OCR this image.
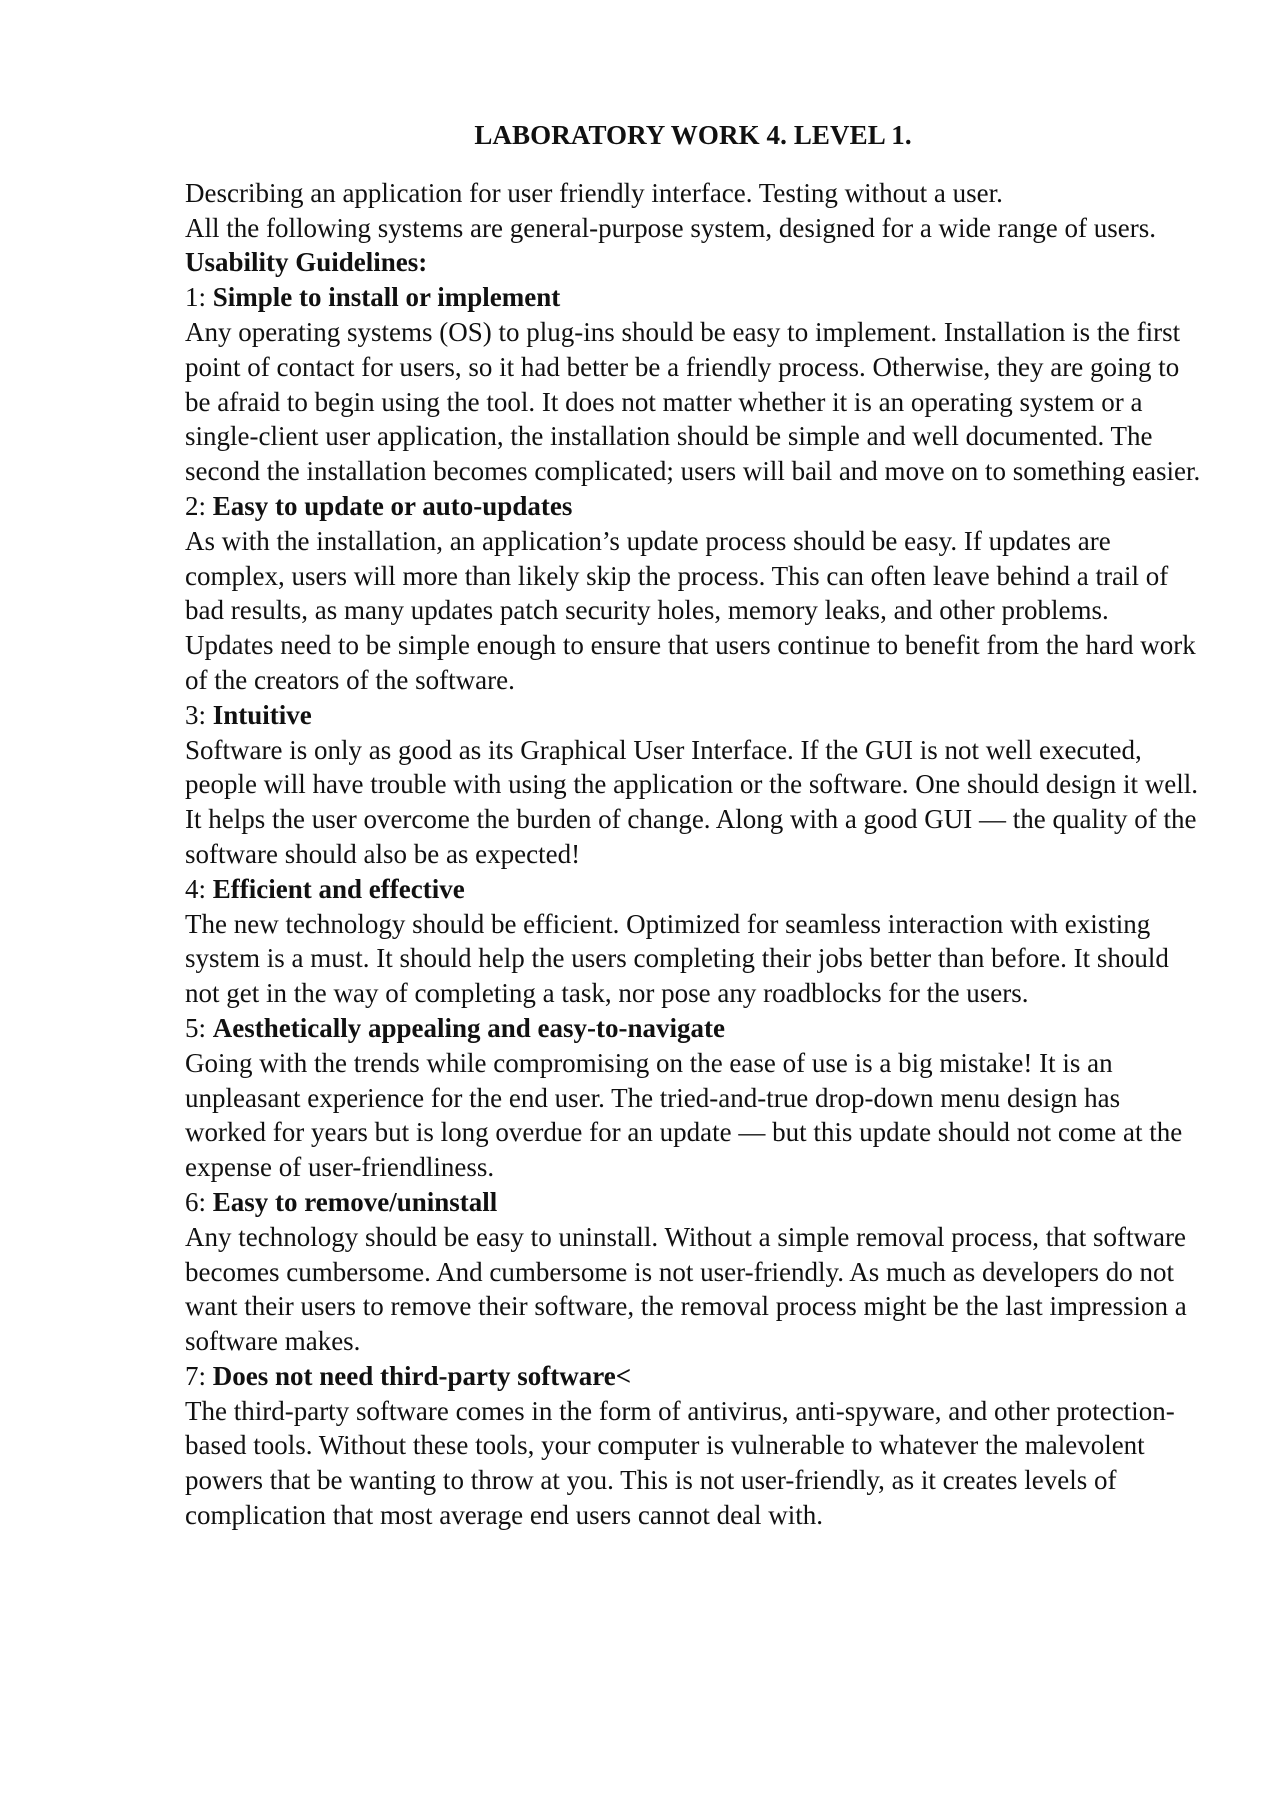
LABORATORY WORK 4. LEVEL 1.

Describing an application for user friendly interface. Testing without a user.

All the following systems are general-purpose system, designed for a wide range of users.

Usability Guidelines:

1: Simple to install or implement

Any operating systems (OS) to plug-ins should be easy to implement. Installation is the first point of contact for users, so it had better be a friendly process. Otherwise, they are going to be afraid to begin using the tool. It does not matter whether it is an operating system or a single-client user application, the installation should be simple and well documented. The second the installation becomes complicated; users will bail and move on to something easier.

2: Easy to update or auto-updates

As with the installation, an application’s update process should be easy. If updates are complex, users will more than likely skip the process. This can often leave behind a trail of bad results, as many updates patch security holes, memory leaks, and other problems. Updates need to be simple enough to ensure that users continue to benefit from the hard work of the creators of the software.

3: Intuitive

Software is only as good as its Graphical User Interface. If the GUI is not well executed, people will have trouble with using the application or the software. One should design it well. It helps the user overcome the burden of change. Along with a good GUI — the quality of the software should also be as expected!

4: Efficient and effective

The new technology should be efficient. Optimized for seamless interaction with existing system is a must. It should help the users completing their jobs better than before. It should not get in the way of completing a task, nor pose any roadblocks for the users.

5: Aesthetically appealing and easy-to-navigate

Going with the trends while compromising on the ease of use is a big mistake! It is an unpleasant experience for the end user. The tried-and-true drop-down menu design has worked for years but is long overdue for an update — but this update should not come at the expense of user-friendliness.

6: Easy to remove/uninstall

Any technology should be easy to uninstall. Without a simple removal process, that software becomes cumbersome. And cumbersome is not user-friendly. As much as developers do not want their users to remove their software, the removal process might be the last impression a software makes.

7: Does not need third-party software<

The third-party software comes in the form of antivirus, anti-spyware, and other protection-based tools. Without these tools, your computer is vulnerable to whatever the malevolent powers that be wanting to throw at you. This is not user-friendly, as it creates levels of complication that most average end users cannot deal with.
